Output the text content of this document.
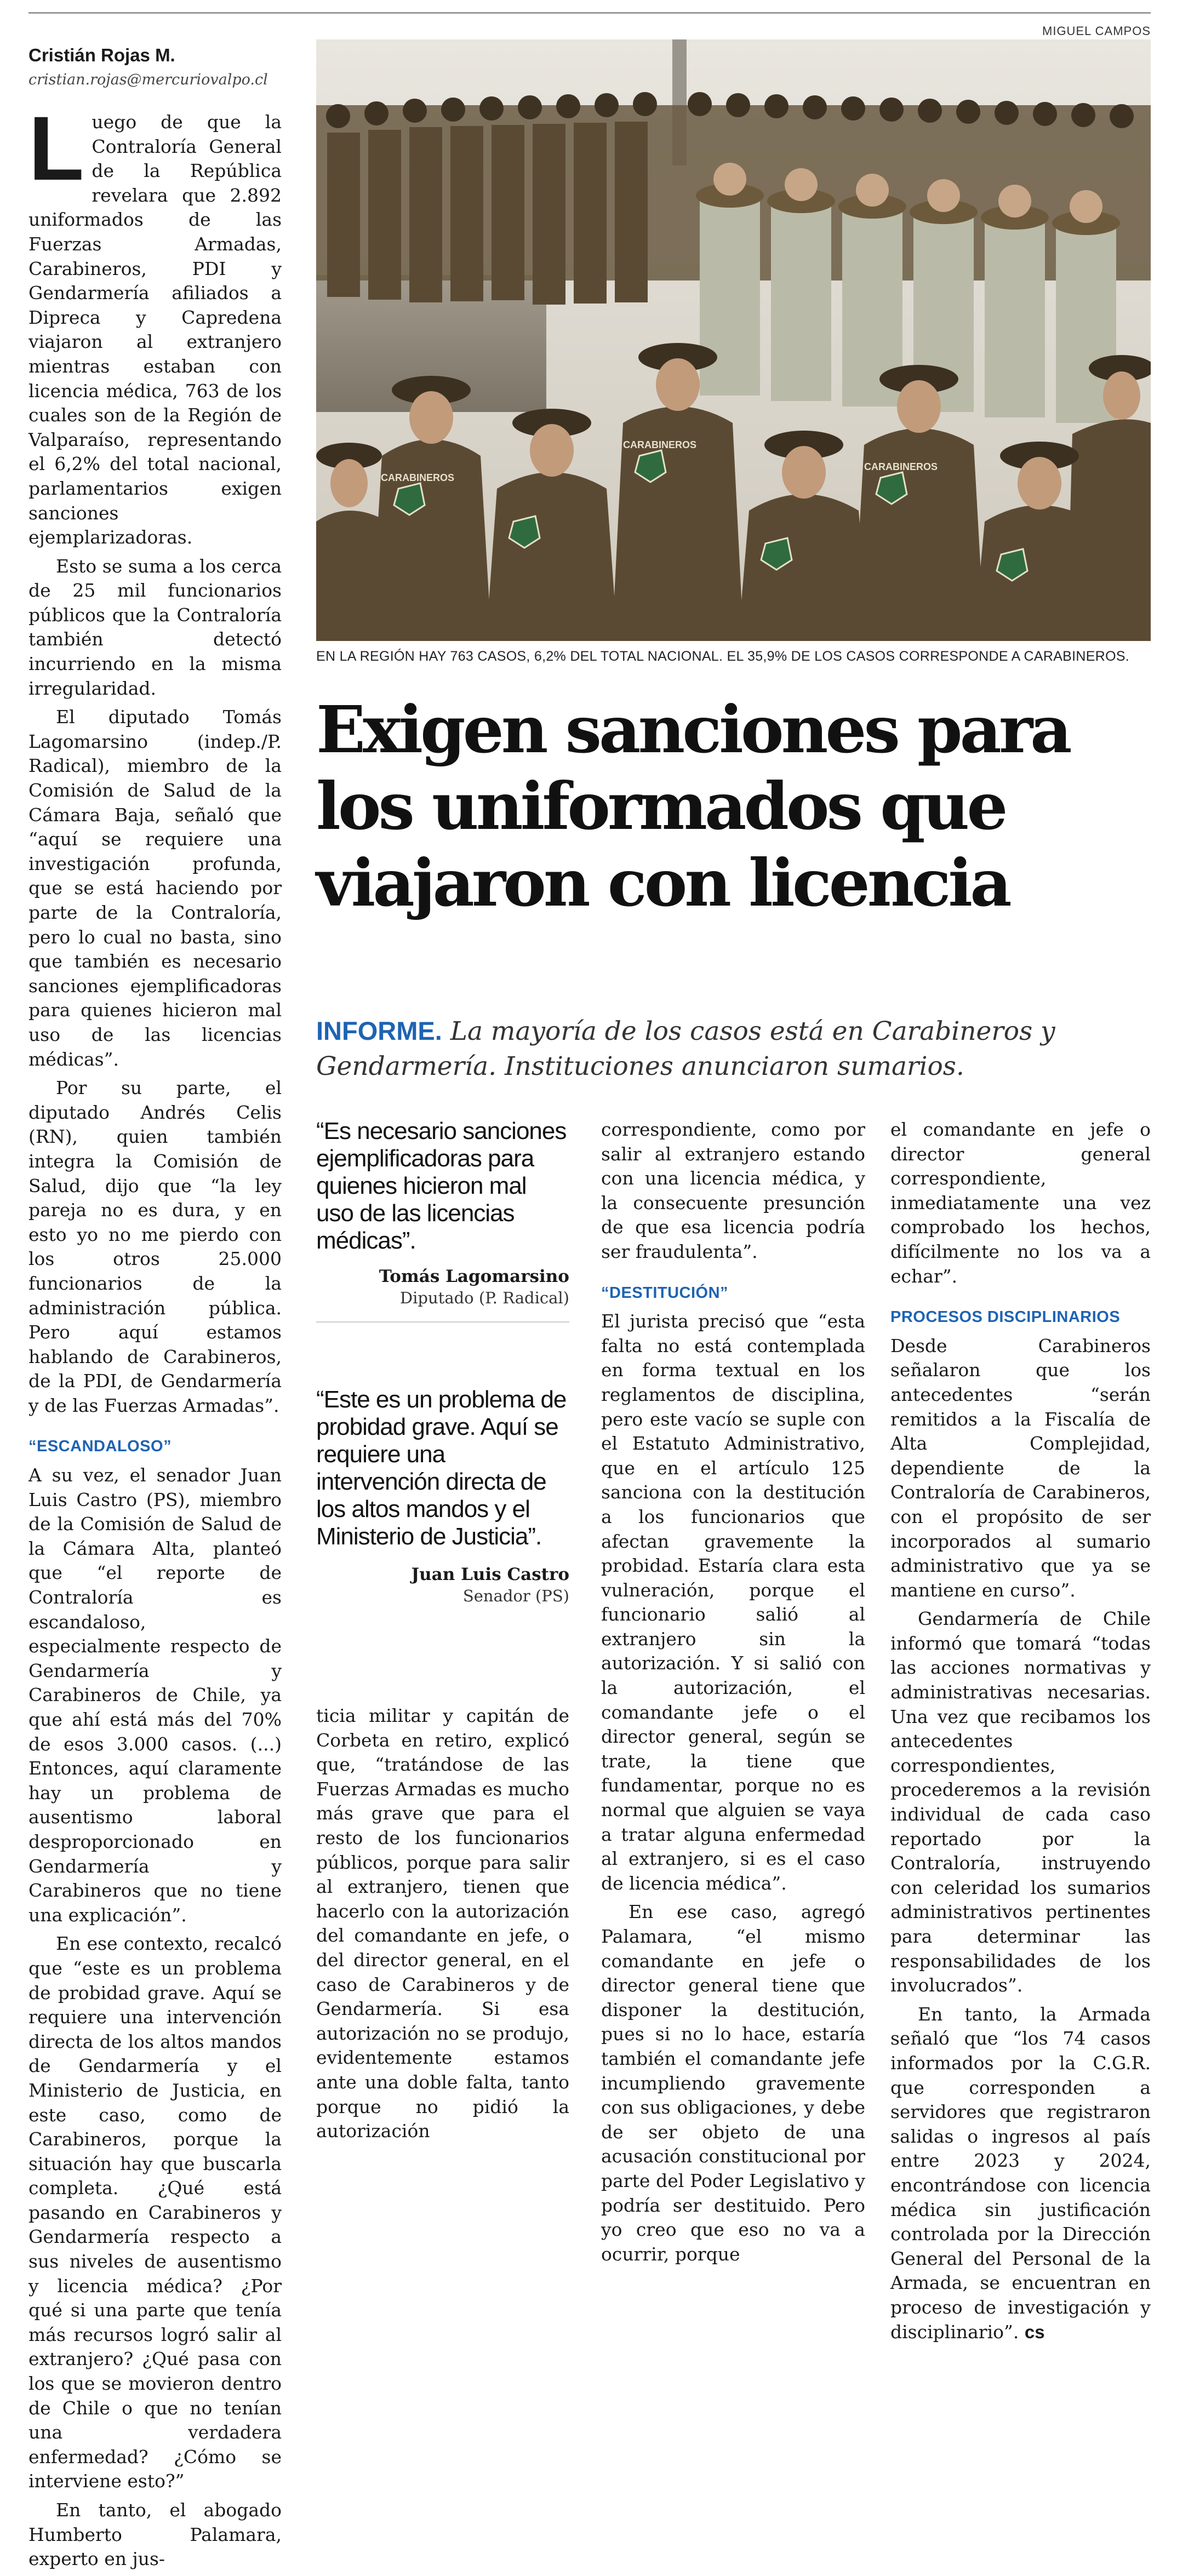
Cristián Rojas M.

cristian.rojas@mercuriovalpo.cl

Luego de que la Contraloría General de la República revelara que 2.892 uniformados de las Fuerzas Armadas, Carabineros, PDI y Gendarmería afiliados a Dipreca y Capredena viajaron al extranjero mientras estaban con licencia médica, 763 de los cuales son de la Región de Valparaíso, representando el 6,2% del total nacional, parlamentarios exigen sanciones ejemplarizadoras.

Esto se suma a los cerca de 25 mil funcionarios públicos que la Contraloría también detectó incurriendo en la misma irregularidad.

El diputado Tomás Lagomarsino (indep./P. Radical), miembro de la Comisión de Salud de la Cámara Baja, señaló que “aquí se requiere una investigación profunda, que se está haciendo por parte de la Contraloría, pero lo cual no basta, sino que también es necesario sanciones ejemplificadoras para quienes hicieron mal uso de las licencias médicas”.

Por su parte, el diputado Andrés Celis (RN), quien también integra la Comisión de Salud, dijo que “la ley pareja no es dura, y en esto yo no me pierdo con los otros 25.000 funcionarios de la administración pública. Pero aquí estamos hablando de Carabineros, de la PDI, de Gendarmería y de las Fuerzas Armadas”.

“ESCANDALOSO”

A su vez, el senador Juan Luis Castro (PS), miembro de la Comisión de Salud de la Cámara Alta, planteó que “el reporte de Contraloría es escandaloso, especialmente respecto de Gendarmería y Carabineros de Chile, ya que ahí está más del 70% de esos 3.000 casos. (...) Entonces, aquí claramente hay un problema de ausentismo laboral desproporcionado en Gendarmería y Carabineros que no tiene una explicación”.

En ese contexto, recalcó que “este es un problema de probidad grave. Aquí se requiere una intervención directa de los altos mandos de Gendarmería y el Ministerio de Justicia, en este caso, como de Carabineros, porque la situación hay que buscarla completa. ¿Qué está pasando en Carabineros y Gendarmería respecto a sus niveles de ausentismo y licencia médica? ¿Por qué si una parte que tenía más recursos logró salir al extranjero? ¿Qué pasa con los que se movieron dentro de Chile o que no tenían una verdadera enfermedad? ¿Cómo se interviene esto?”

En tanto, el abogado Humberto Palamara, experto en jus-

MIGUEL CAMPOS
CARABINEROS
CARABINEROS
CARABINEROS
EN LA REGIÓN HAY 763 CASOS, 6,2% DEL TOTAL NACIONAL. EL 35,9% DE LOS CASOS CORRESPONDE A CARABINEROS.
Exigen sanciones para
los uniformados que
viajaron con licencia
INFORME. La mayoría de los casos está en Carabineros y Gendarmería. Instituciones anunciaron sumarios.
“Es necesario sanciones ejemplificadoras para quienes hicieron mal uso de las licencias médicas”.
Tomás Lagomarsino
Diputado (P. Radical)
“Este es un problema de probidad grave. Aquí se requiere una intervención directa de los altos mandos y el Ministerio de Justicia”.
Juan Luis Castro
Senador (PS)

ticia militar y capitán de Corbeta en retiro, explicó que, “tratándose de las Fuerzas Armadas es mucho más grave que para el resto de los funcionarios públicos, porque para salir al extranjero, tienen que hacerlo con la autorización del comandante en jefe, o del director general, en el caso de Carabineros y de Gendarmería. Si esa autorización no se produjo, evidentemente estamos ante una doble falta, tanto porque no pidió la autorización

correspondiente, como por salir al extranjero estando con una licencia médica, y la consecuente presunción de que esa licencia podría ser fraudulenta”.

“DESTITUCIÓN”

El jurista precisó que “esta falta no está contemplada en forma textual en los reglamentos de disciplina, pero este vacío se suple con el Estatuto Administrativo, que en el artículo 125 sanciona con la destitución a los funcionarios que afectan gravemente la probidad. Estaría clara esta vulneración, porque el funcionario salió al extranjero sin la autorización. Y si salió con la autorización, el comandante jefe o el director general, según se trate, la tiene que fundamentar, porque no es normal que alguien se vaya a tratar alguna enfermedad al extranjero, si es el caso de licencia médica”.

En ese caso, agregó Palamara, “el mismo comandante en jefe o director general tiene que disponer la destitución, pues si no lo hace, estaría también el comandante jefe incumpliendo gravemente con sus obligaciones, y debe de ser objeto de una acusación constitucional por parte del Poder Legislativo y podría ser destituido. Pero yo creo que eso no va a ocurrir, porque

el comandante en jefe o director general correspondiente, inmediatamente una vez comprobado los hechos, difícilmente no los va a echar”.

PROCESOS DISCIPLINARIOS

Desde Carabineros señalaron que los antecedentes “serán remitidos a la Fiscalía de Alta Complejidad, dependiente de la Contraloría de Carabineros, con el propósito de ser incorporados al sumario administrativo que ya se mantiene en curso”.

Gendarmería de Chile informó que tomará “todas las acciones normativas y administrativas necesarias. Una vez que recibamos los antecedentes correspondientes, procederemos a la revisión individual de cada caso reportado por la Contraloría, instruyendo con celeridad los sumarios administrativos pertinentes para determinar las responsabilidades de los involucrados”.

En tanto, la Armada señaló que “los 74 casos informados por la C.G.R. que corresponden a servidores que registraron salidas o ingresos al país entre 2023 y 2024, encontrándose con licencia médica sin justificación controlada por la Dirección General del Personal de la Armada, se encuentran en proceso de investigación y disciplinario”. cs
